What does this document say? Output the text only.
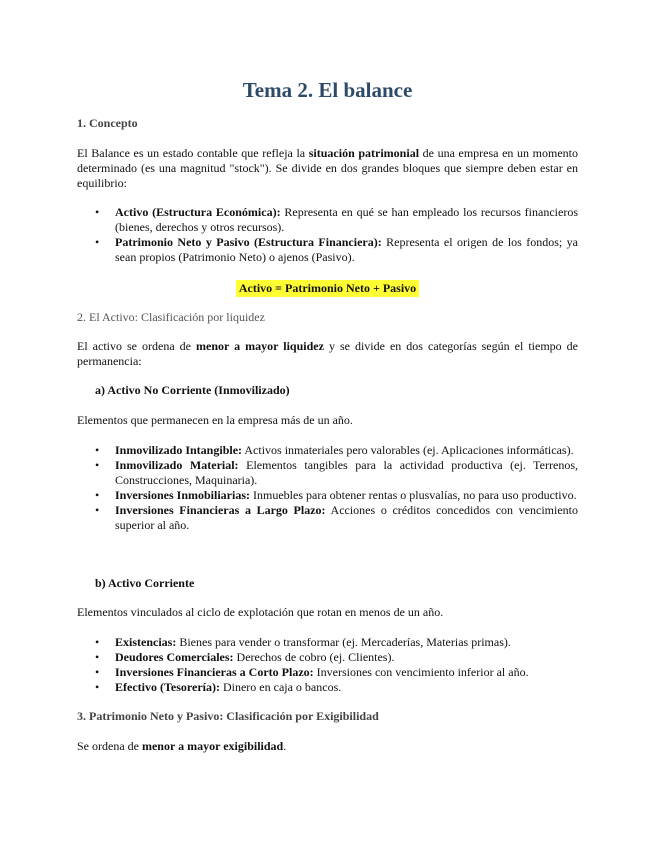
Tema 2. El balance
1. Concepto
El Balance es un estado contable que refleja la situación patrimonial de una empresa en un momento determinado (es una magnitud "stock"). Se divide en dos grandes bloques que siempre deben estar en equilibrio:
• Activo (Estructura Económica): Representa en qué se han empleado los recursos financieros (bienes, derechos y otros recursos).
• Patrimonio Neto y Pasivo (Estructura Financiera): Representa el origen de los fondos; ya sean propios (Patrimonio Neto) o ajenos (Pasivo).
Activo = Patrimonio Neto + Pasivo
2. El Activo: Clasificación por liquidez
El activo se ordena de menor a mayor liquidez y se divide en dos categorías según el tiempo de permanencia:
a) Activo No Corriente (Inmovilizado)
Elementos que permanecen en la empresa más de un año.
• Inmovilizado Intangible: Activos inmateriales pero valorables (ej. Aplicaciones informáticas).
• Inmovilizado Material: Elementos tangibles para la actividad productiva (ej. Terrenos, Construcciones, Maquinaria).
• Inversiones Inmobiliarias: Inmuebles para obtener rentas o plusvalías, no para uso productivo.
• Inversiones Financieras a Largo Plazo: Acciones o créditos concedidos con vencimiento superior al año.
b) Activo Corriente
Elementos vinculados al ciclo de explotación que rotan en menos de un año.
• Existencias: Bienes para vender o transformar (ej. Mercaderías, Materias primas).
• Deudores Comerciales: Derechos de cobro (ej. Clientes).
• Inversiones Financieras a Corto Plazo: Inversiones con vencimiento inferior al año.
• Efectivo (Tesorería): Dinero en caja o bancos.
3. Patrimonio Neto y Pasivo: Clasificación por Exigibilidad
Se ordena de menor a mayor exigibilidad.
